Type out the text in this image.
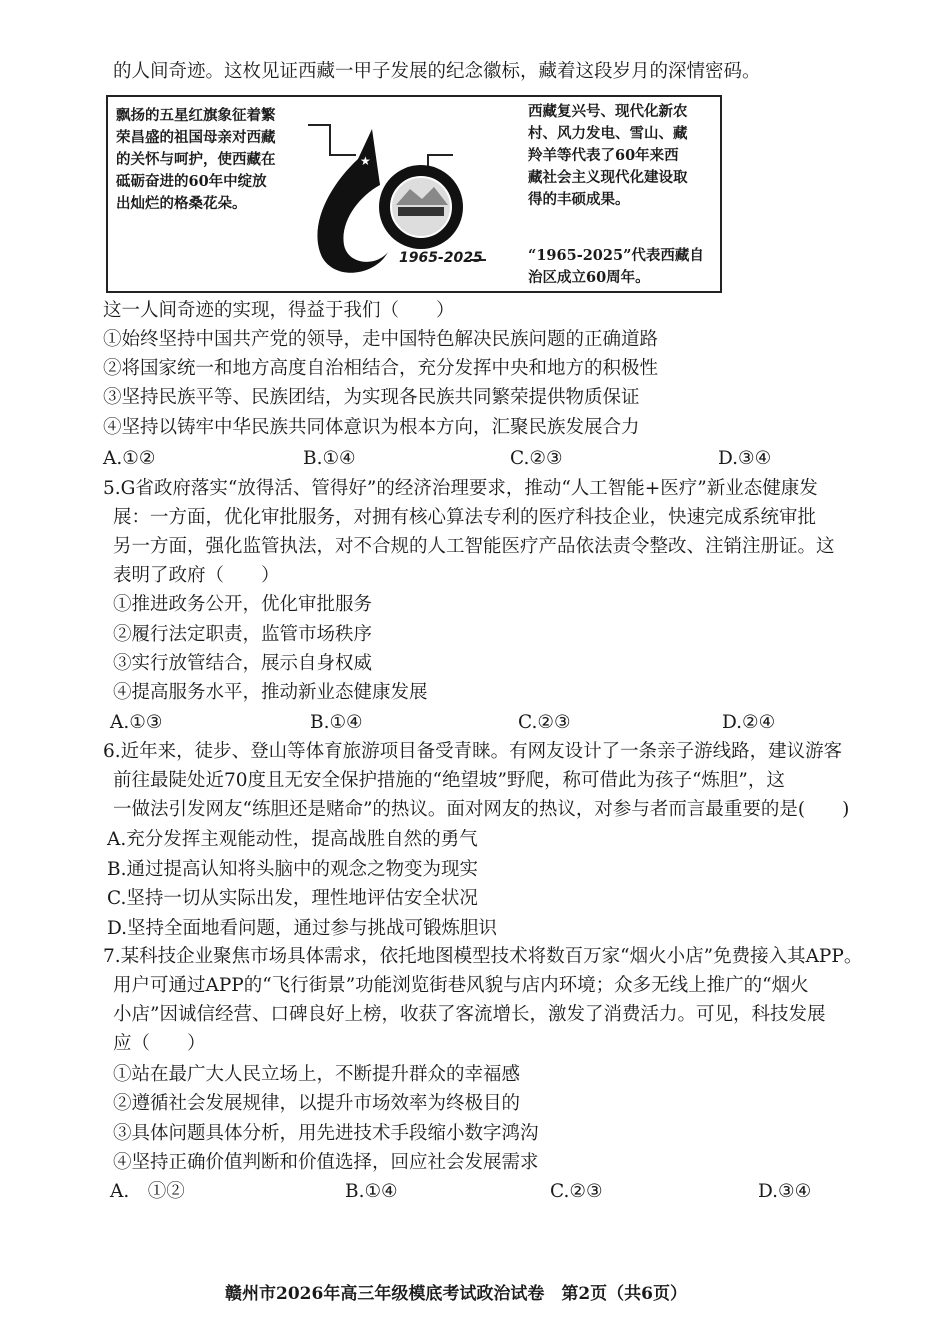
的人间奇迹。这枚见证西藏一甲子发展的纪念徽标，藏着这段岁月的深情密码。
飘扬的五星红旗象征着繁
荣昌盛的祖国母亲对西藏
的关怀与呵护，使西藏在
砥砺奋进的60年中绽放
出灿烂的格桑花朵。
★
1965-2025
西藏复兴号、现代化新农
村、风力发电、雪山、藏
羚羊等代表了60年来西
藏社会主义现代化建设取
得的丰硕成果。
“1965-2025”代表西藏自
治区成立60周年。
这一人间奇迹的实现，得益于我们（　　）
①始终坚持中国共产党的领导，走中国特色解决民族问题的正确道路
②将国家统一和地方高度自治相结合，充分发挥中央和地方的积极性
③坚持民族平等、民族团结，为实现各民族共同繁荣提供物质保证
④坚持以铸牢中华民族共同体意识为根本方向，汇聚民族发展合力
A.①②	B.①④	C.②③	D.③④
5.G省政府落实“放得活、管得好”的经济治理要求，推动“人工智能+医疗”新业态健康发
展：一方面，优化审批服务，对拥有核心算法专利的医疗科技企业，快速完成系统审批
另一方面，强化监管执法，对不合规的人工智能医疗产品依法责令整改、注销注册证。这
表明了政府（　　）
①推进政务公开，优化审批服务
②履行法定职责，监管市场秩序
③实行放管结合，展示自身权威
④提高服务水平，推动新业态健康发展
A.①③	B.①④	C.②③	D.②④
6.近年来，徒步、登山等体育旅游项目备受青睐。有网友设计了一条亲子游线路，建议游客
前往最陡处近70度且无安全保护措施的“绝望坡”野爬，称可借此为孩子“炼胆”，这
一做法引发网友“练胆还是赌命”的热议。面对网友的热议，对参与者而言最重要的是(　　)
A.充分发挥主观能动性，提高战胜自然的勇气
B.通过提高认知将头脑中的观念之物变为现实
C.坚持一切从实际出发，理性地评估安全状况
D.坚持全面地看问题，通过参与挑战可锻炼胆识
7.某科技企业聚焦市场具体需求，依托地图模型技术将数百万家“烟火小店”免费接入其APP。
用户可通过APP的“飞行街景”功能浏览街巷风貌与店内环境；众多无线上推广的“烟火
小店”因诚信经营、口碑良好上榜，收获了客流增长，激发了消费活力。可见，科技发展
应（　　）
①站在最广大人民立场上，不断提升群众的幸福感
②遵循社会发展规律，以提升市场效率为终极目的
③具体问题具体分析，用先进技术手段缩小数字鸿沟
④坚持正确价值判断和价值选择，回应社会发展需求
A.　①②	B.①④	C.②③	D.③④
赣州市2026年高三年级模底考试政治试卷　第2页（共6页）
